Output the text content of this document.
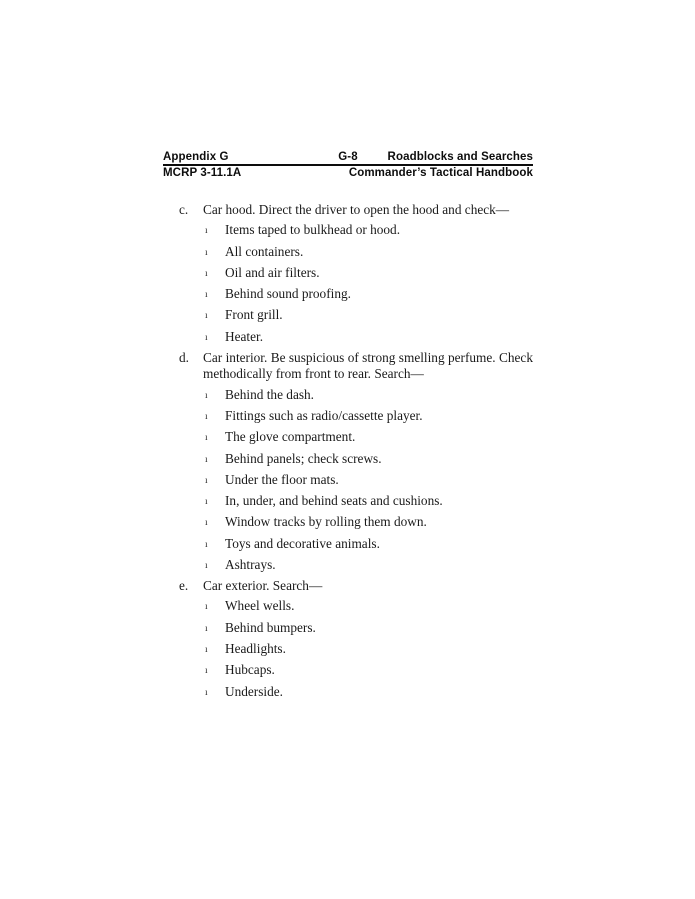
Appendix G	G-8	Roadblocks and Searches
MCRP 3-11.1A	Commander’s Tactical Handbook
c.	Car hood. Direct the driver to open the hood and check—
ı	Items taped to bulkhead or hood.
ı	All containers.
ı	Oil and air filters.
ı	Behind sound proofing.
ı	Front grill.
ı	Heater.
d.	Car interior. Be suspicious of strong smelling perfume. Check methodically from front to rear. Search—
ı	Behind the dash.
ı	Fittings such as radio/cassette player.
ı	The glove compartment.
ı	Behind panels; check screws.
ı	Under the floor mats.
ı	In, under, and behind seats and cushions.
ı	Window tracks by rolling them down.
ı	Toys and decorative animals.
ı	Ashtrays.
e.	Car exterior. Search—
ı	Wheel wells.
ı	Behind bumpers.
ı	Headlights.
ı	Hubcaps.
ı	Underside.
